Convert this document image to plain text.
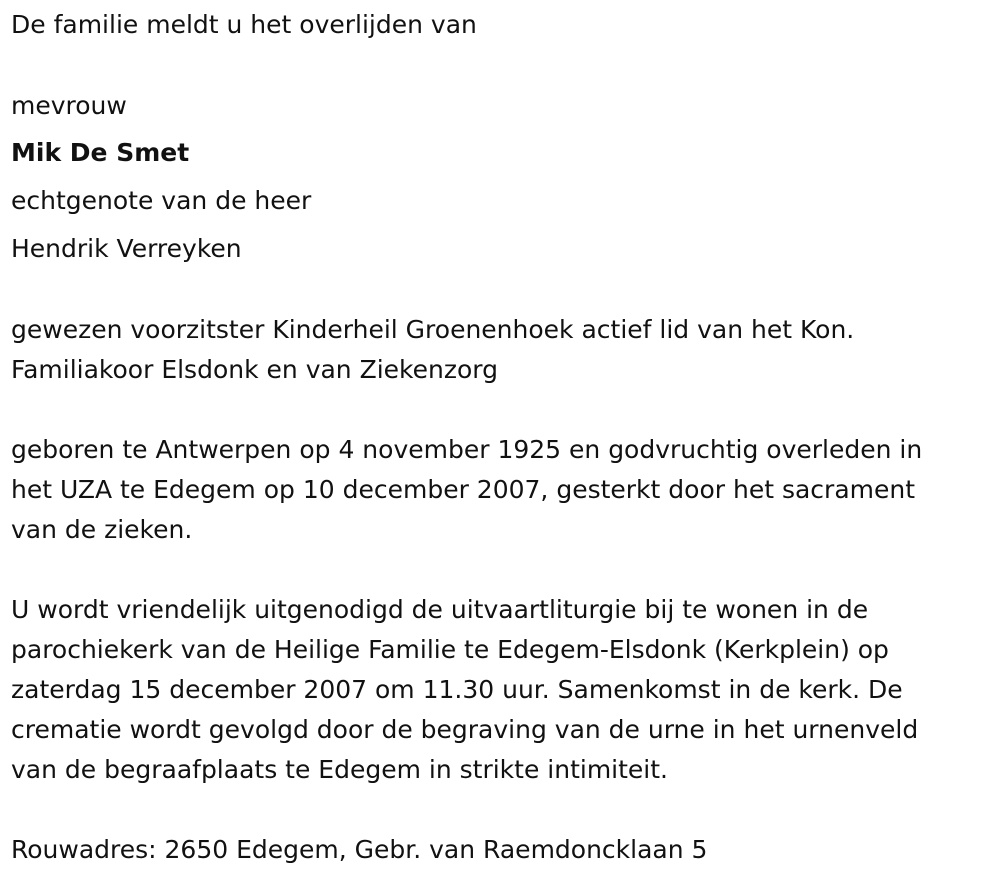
De familie meldt u het overlijden van
mevrouw
Mik De Smet
echtgenote van de heer
Hendrik Verreyken
gewezen voorzitster Kinderheil Groenenhoek actief lid van het Kon.
Familiakoor Elsdonk en van Ziekenzorg
geboren te Antwerpen op 4 november 1925 en godvruchtig overleden in
het UZA te Edegem op 10 december 2007, gesterkt door het sacrament
van de zieken.
U wordt vriendelijk uitgenodigd de uitvaartliturgie bij te wonen in de
parochiekerk van de Heilige Familie te Edegem-Elsdonk (Kerkplein) op
zaterdag 15 december 2007 om 11.30 uur. Samenkomst in de kerk. De
crematie wordt gevolgd door de begraving van de urne in het urnenveld
van de begraafplaats te Edegem in strikte intimiteit.
Rouwadres: 2650 Edegem, Gebr. van Raemdoncklaan 5
